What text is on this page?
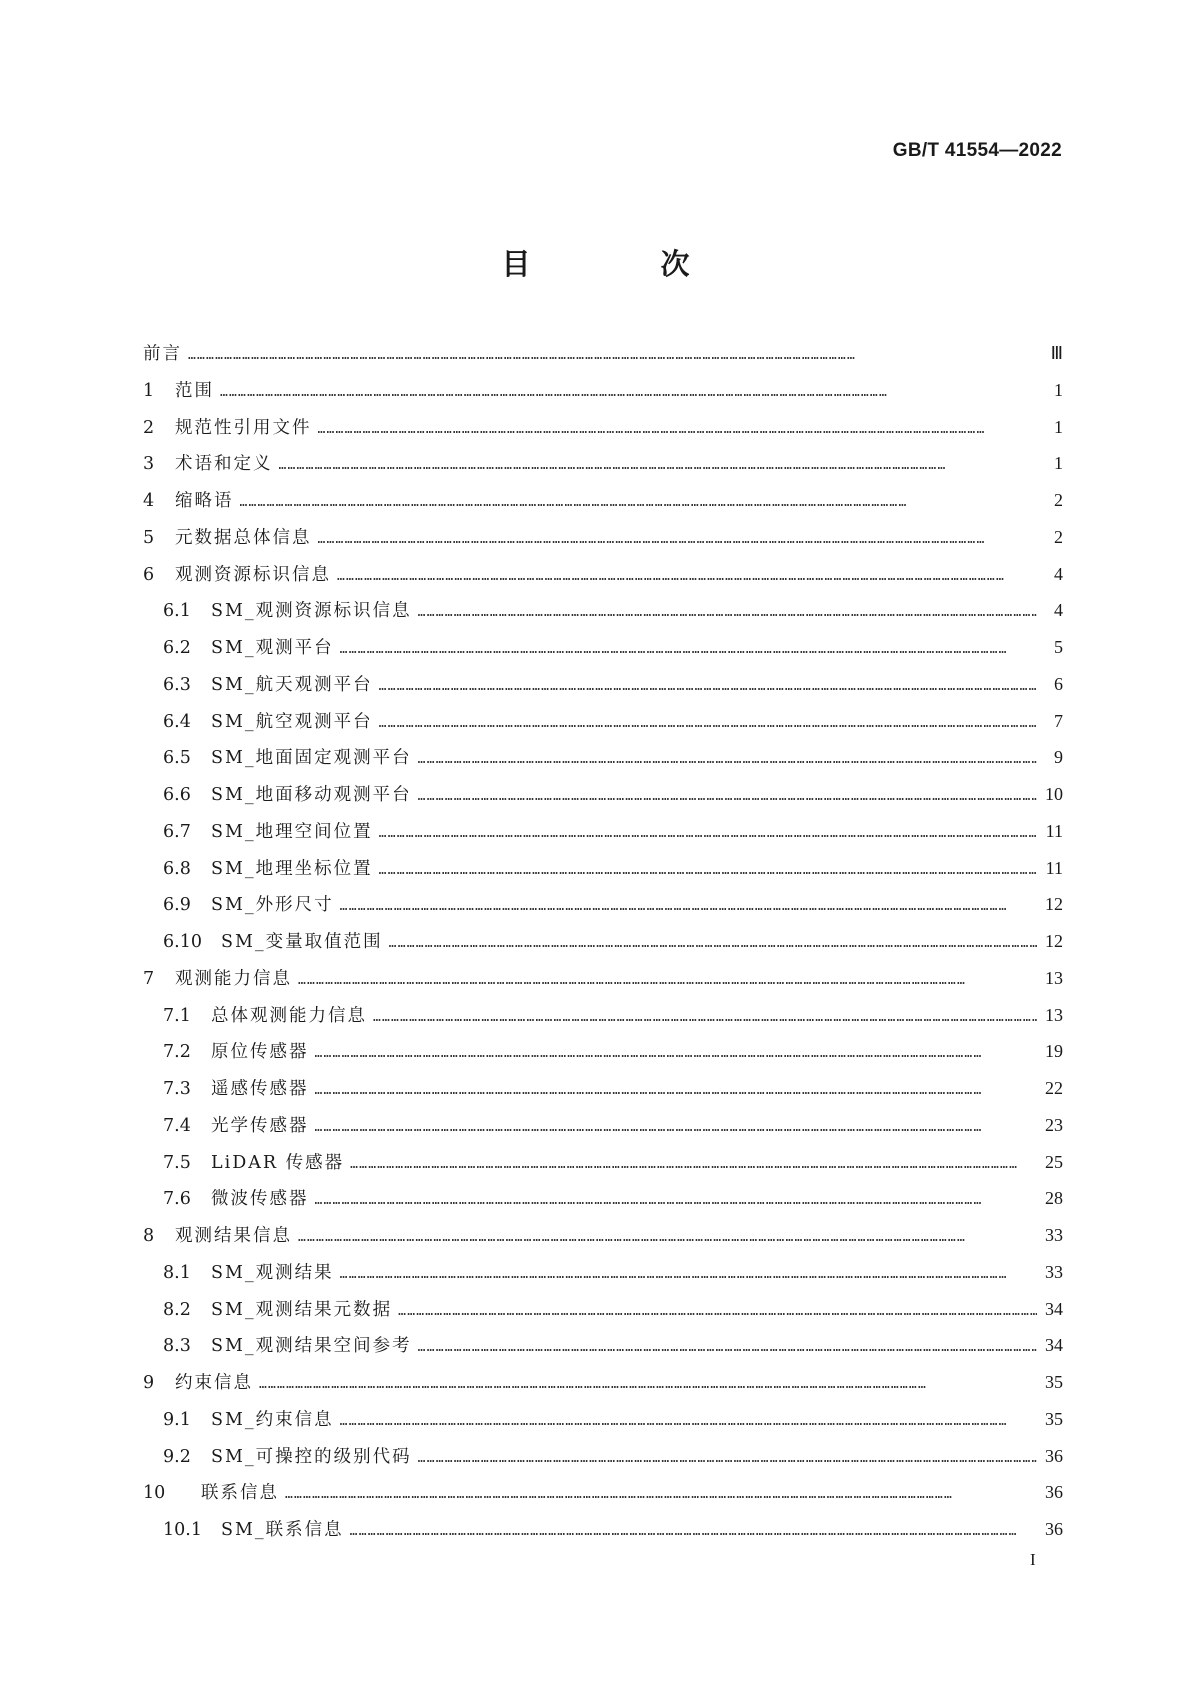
GB/T 41554—2022
目 次
前言 ……………………………………………………………………………………………………………………………………………………………………………………………………	Ⅲ
1	范围 ……………………………………………………………………………………………………………………………………………………………………………………………………	1
2	规范性引用文件 ……………………………………………………………………………………………………………………………………………………………………………………………………	1
3	术语和定义 ……………………………………………………………………………………………………………………………………………………………………………………………………	1
4	缩略语 ……………………………………………………………………………………………………………………………………………………………………………………………………	2
5	元数据总体信息 ……………………………………………………………………………………………………………………………………………………………………………………………………	2
6	观测资源标识信息 ……………………………………………………………………………………………………………………………………………………………………………………………………	4
6.1	SM_观测资源标识信息 ……………………………………………………………………………………………………………………………………………………………………………………………………	4
6.2	SM_观测平台 ……………………………………………………………………………………………………………………………………………………………………………………………………	5
6.3	SM_航天观测平台 ……………………………………………………………………………………………………………………………………………………………………………………………………	6
6.4	SM_航空观测平台 ……………………………………………………………………………………………………………………………………………………………………………………………………	7
6.5	SM_地面固定观测平台 ……………………………………………………………………………………………………………………………………………………………………………………………………	9
6.6	SM_地面移动观测平台 ……………………………………………………………………………………………………………………………………………………………………………………………………	10
6.7	SM_地理空间位置 ……………………………………………………………………………………………………………………………………………………………………………………………………	11
6.8	SM_地理坐标位置 ……………………………………………………………………………………………………………………………………………………………………………………………………	11
6.9	SM_外形尺寸 ……………………………………………………………………………………………………………………………………………………………………………………………………	12
6.10	SM_变量取值范围 ……………………………………………………………………………………………………………………………………………………………………………………………………	12
7	观测能力信息 ……………………………………………………………………………………………………………………………………………………………………………………………………	13
7.1	总体观测能力信息 ……………………………………………………………………………………………………………………………………………………………………………………………………	13
7.2	原位传感器 ……………………………………………………………………………………………………………………………………………………………………………………………………	19
7.3	遥感传感器 ……………………………………………………………………………………………………………………………………………………………………………………………………	22
7.4	光学传感器 ……………………………………………………………………………………………………………………………………………………………………………………………………	23
7.5	LiDAR 传感器 ……………………………………………………………………………………………………………………………………………………………………………………………………	25
7.6	微波传感器 ……………………………………………………………………………………………………………………………………………………………………………………………………	28
8	观测结果信息 ……………………………………………………………………………………………………………………………………………………………………………………………………	33
8.1	SM_观测结果 ……………………………………………………………………………………………………………………………………………………………………………………………………	33
8.2	SM_观测结果元数据 ……………………………………………………………………………………………………………………………………………………………………………………………………	34
8.3	SM_观测结果空间参考 ……………………………………………………………………………………………………………………………………………………………………………………………………	34
9	约束信息 ……………………………………………………………………………………………………………………………………………………………………………………………………	35
9.1	SM_约束信息 ……………………………………………………………………………………………………………………………………………………………………………………………………	35
9.2	SM_可操控的级别代码 ……………………………………………………………………………………………………………………………………………………………………………………………………	36
10	联系信息 ……………………………………………………………………………………………………………………………………………………………………………………………………	36
10.1	SM_联系信息 ……………………………………………………………………………………………………………………………………………………………………………………………………	36
I
